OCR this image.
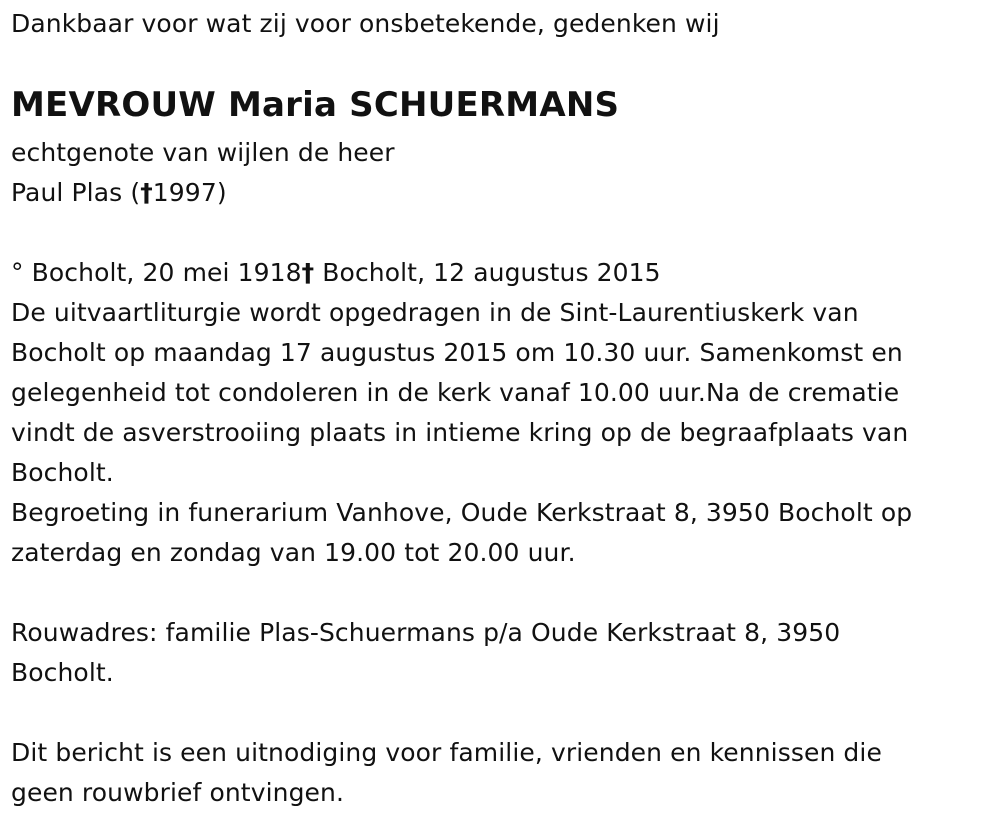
Dankbaar voor wat zij voor onsbetekende, gedenken wij
MEVROUW Maria SCHUERMANS
echtgenote van wijlen de heer
Paul Plas (†1997)
° Bocholt, 20 mei 1918† Bocholt, 12 augustus 2015
De uitvaartliturgie wordt opgedragen in de Sint-Laurentiuskerk van
Bocholt op maandag 17 augustus 2015 om 10.30 uur. Samenkomst en
gelegenheid tot condoleren in de kerk vanaf 10.00 uur.Na de crematie
vindt de asverstrooiing plaats in intieme kring op de begraafplaats van
Bocholt.
Begroeting in funerarium Vanhove, Oude Kerkstraat 8, 3950 Bocholt op
zaterdag en zondag van 19.00 tot 20.00 uur.
Rouwadres: familie Plas-Schuermans p/a Oude Kerkstraat 8, 3950
Bocholt.
Dit bericht is een uitnodiging voor familie, vrienden en kennissen die
geen rouwbrief ontvingen.
